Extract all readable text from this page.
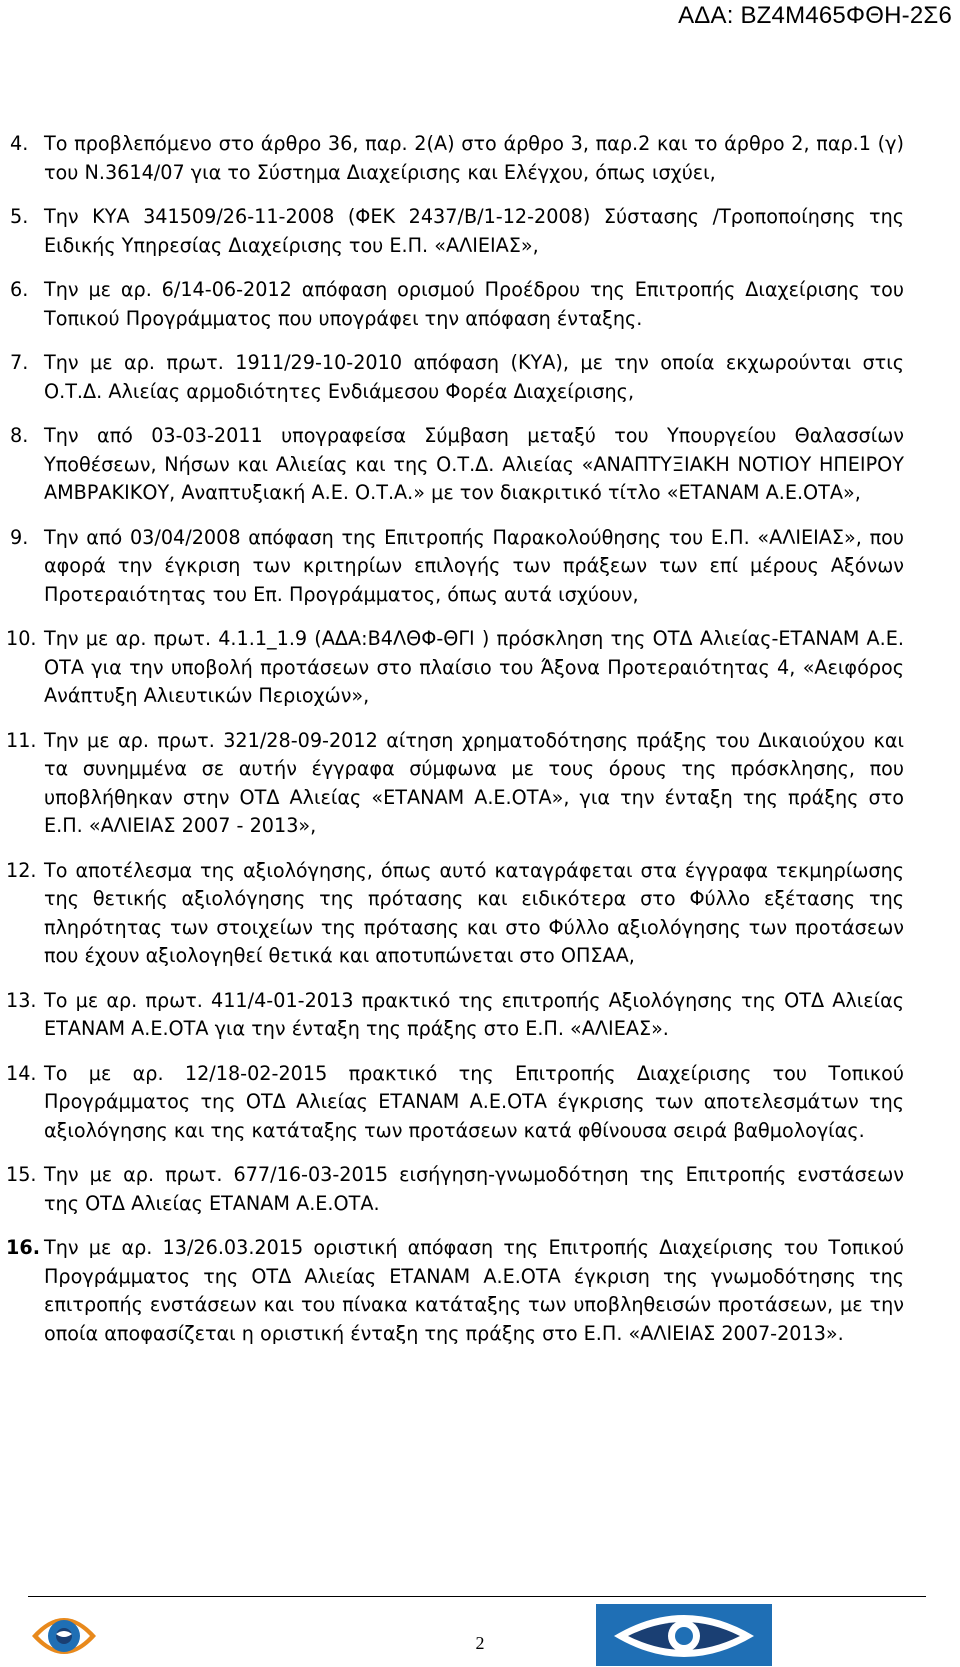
ΑΔΑ: ΒΖ4Μ465ΦΘΗ-2Σ6
4. Το προβλεπόμενο στο άρθρο 36, παρ. 2(Α) στο άρθρο 3, παρ.2 και το άρθρο 2, παρ.1 (γ) του Ν.3614/07 για το Σύστημα Διαχείρισης και Ελέγχου, όπως ισχύει,
5. Την ΚΥΑ 341509/26-11-2008 (ΦΕΚ 2437/Β/1-12-2008) Σύστασης /Τροποποίησης της Ειδικής Υπηρεσίας Διαχείρισης του Ε.Π. «ΑΛΙΕΙΑΣ»,
6. Την με αρ. 6/14-06-2012 απόφαση ορισμού Προέδρου της Επιτροπής Διαχείρισης του Τοπικού Προγράμματος που υπογράφει την απόφαση ένταξης.
7. Την με αρ. πρωτ. 1911/29-10-2010 απόφαση (ΚΥΑ), με την οποία εκχωρούνται στις Ο.Τ.Δ. Αλιείας αρμοδιότητες Ενδιάμεσου Φορέα Διαχείρισης,
8. Την από 03-03-2011 υπογραφείσα Σύμβαση μεταξύ του Υπουργείου Θαλασσίων Υποθέσεων, Νήσων και Αλιείας και της Ο.Τ.Δ. Αλιείας «ΑΝΑΠΤΥΞΙΑΚΗ ΝΟΤΙΟΥ ΗΠΕΙΡΟΥ ΑΜΒΡΑΚΙΚΟΥ, Αναπτυξιακή Α.Ε. Ο.Τ.Α.» με τον διακριτικό τίτλο «ΕΤΑΝΑΜ Α.Ε.ΟΤΑ»,
9. Την από 03/04/2008 απόφαση της Επιτροπής Παρακολούθησης του Ε.Π. «ΑΛΙΕΙΑΣ», που αφορά την έγκριση των κριτηρίων επιλογής των πράξεων των επί μέρους Αξόνων Προτεραιότητας του Επ. Προγράμματος, όπως αυτά ισχύουν,
10. Την με αρ. πρωτ. 4.1.1_1.9 (ΑΔΑ:Β4ΛΘΦ-ΘΓΙ ) πρόσκληση της ΟΤΔ Αλιείας-ΕΤΑΝΑΜ Α.Ε. ΟΤΑ για την υποβολή προτάσεων στο πλαίσιο του Άξονα Προτεραιότητας 4, «Αειφόρος Ανάπτυξη Αλιευτικών Περιοχών»,
11. Την με αρ. πρωτ. 321/28-09-2012 αίτηση χρηματοδότησης πράξης του Δικαιούχου και τα συνημμένα σε αυτήν έγγραφα σύμφωνα με τους όρους της πρόσκλησης, που υποβλήθηκαν στην ΟΤΔ Αλιείας «ΕΤΑΝΑΜ Α.Ε.ΟΤΑ», για την ένταξη της πράξης στο Ε.Π. «ΑΛΙΕΙΑΣ 2007 - 2013»,
12. Το αποτέλεσμα της αξιολόγησης, όπως αυτό καταγράφεται στα έγγραφα τεκμηρίωσης της θετικής αξιολόγησης της πρότασης και ειδικότερα στο Φύλλο εξέτασης της πληρότητας των στοιχείων της πρότασης και στο Φύλλο αξιολόγησης των προτάσεων που έχουν αξιολογηθεί θετικά και αποτυπώνεται στο ΟΠΣΑΑ,
13. Το με αρ. πρωτ. 411/4-01-2013 πρακτικό της επιτροπής Αξιολόγησης της ΟΤΔ Αλιείας ΕΤΑΝΑΜ Α.Ε.ΟΤΑ για την ένταξη της πράξης στο Ε.Π. «ΑΛΙΕΑΣ».
14. Το με αρ. 12/18-02-2015 πρακτικό της Επιτροπής Διαχείρισης του Τοπικού Προγράμματος της ΟΤΔ Αλιείας ΕΤΑΝΑΜ Α.Ε.ΟΤΑ έγκρισης των αποτελεσμάτων της αξιολόγησης και της κατάταξης των προτάσεων κατά φθίνουσα σειρά βαθμολογίας.
15. Την με αρ. πρωτ. 677/16-03-2015 εισήγηση-γνωμοδότηση της Επιτροπής ενστάσεων της ΟΤΔ Αλιείας ΕΤΑΝΑΜ Α.Ε.ΟΤΑ.
16. Την με αρ. 13/26.03.2015 οριστική απόφαση της Επιτροπής Διαχείρισης του Τοπικού Προγράμματος της ΟΤΔ Αλιείας ΕΤΑΝΑΜ Α.Ε.ΟΤΑ έγκριση της γνωμοδότησης της επιτροπής ενστάσεων και του πίνακα κατάταξης των υποβληθεισών προτάσεων, με την οποία αποφασίζεται η οριστική ένταξη της πράξης στο Ε.Π. «ΑΛΙΕΙΑΣ 2007-2013».
2
